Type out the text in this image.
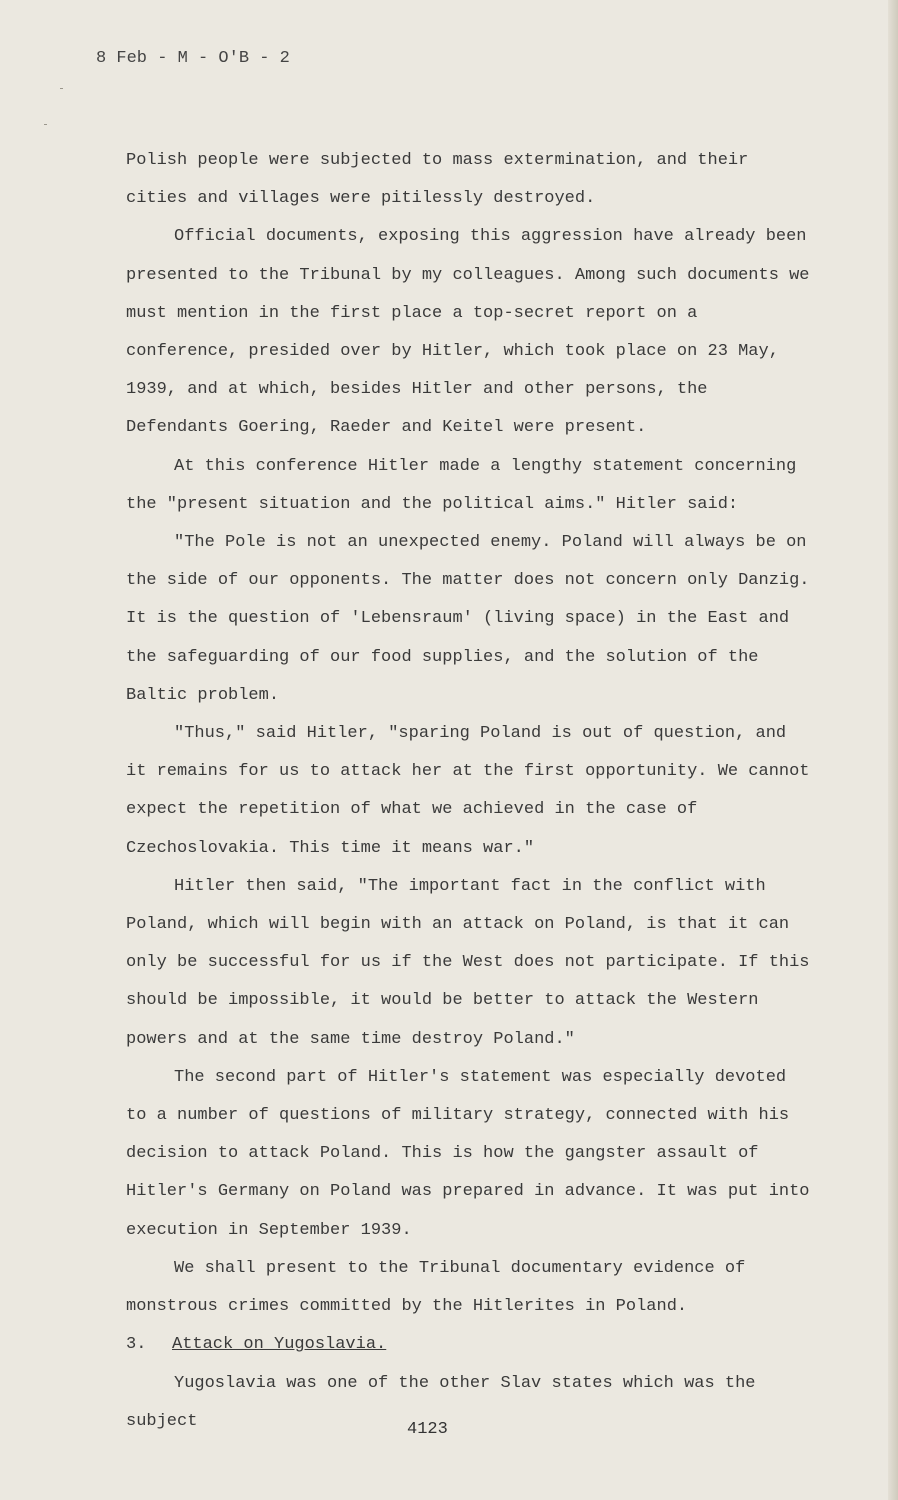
8 Feb - M - O'B - 2

Polish people were subjected to mass extermination, and their cities and villages were pitilessly destroyed.

Official documents, exposing this aggression have already been presented to the Tribunal by my colleagues. Among such documents we must mention in the first place a top-secret report on a conference, presided over by Hitler, which took place on 23 May, 1939, and at which, besides Hitler and other persons, the Defendants Goering, Raeder and Keitel were present.

At this conference Hitler made a lengthy statement concerning the "present situation and the political aims." Hitler said:

"The Pole is not an unexpected enemy. Poland will always be on the side of our opponents. The matter does not concern only Danzig. It is the question of 'Lebensraum' (living space) in the East and the safeguarding of our food supplies, and the solution of the Baltic problem.

"Thus," said Hitler, "sparing Poland is out of question, and it remains for us to attack her at the first opportunity. We cannot expect the repetition of what we achieved in the case of Czechoslovakia. This time it means war."

Hitler then said, "The important fact in the conflict with Poland, which will begin with an attack on Poland, is that it can only be successful for us if the West does not participate. If this should be impossible, it would be better to attack the Western powers and at the same time destroy Poland."

The second part of Hitler's statement was especially devoted to a number of questions of military strategy, connected with his decision to attack Poland. This is how the gangster assault of Hitler's Germany on Poland was prepared in advance. It was put into execution in September 1939.

We shall present to the Tribunal documentary evidence of monstrous crimes committed by the Hitlerites in Poland.

3. Attack on Yugoslavia.

Yugoslavia was one of the other Slav states which was the subject	4123
